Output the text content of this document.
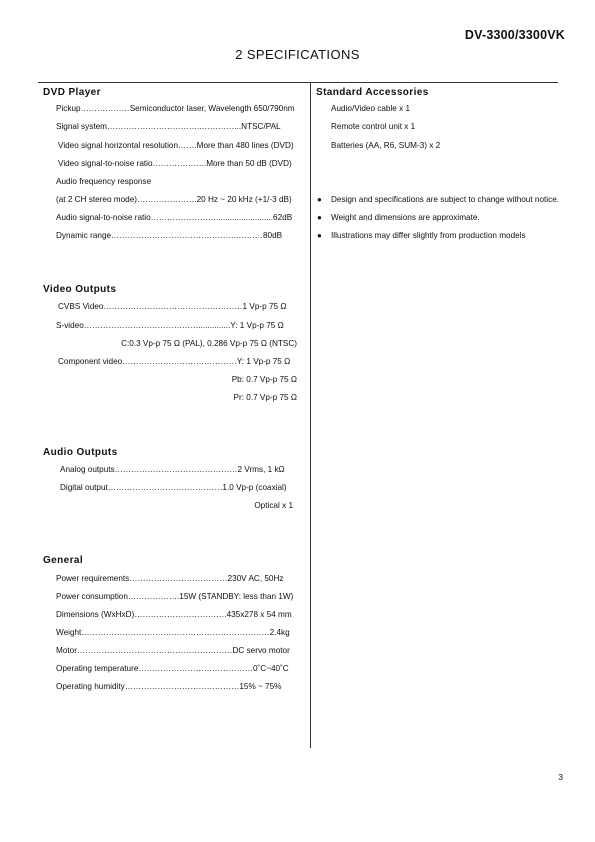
DV-3300/3300VK
2 SPECIFICATIONS
DVD Player
Pickup………………Semiconductor laser, Wavelength 650/790nm
Signal system……………………………..…………...NTSC/PAL
Video signal horizontal resolution…….More than 480 lines (DVD)
Video signal-to-noise ratio………………..More than 50 dB (DVD)
Audio frequency response
(at 2 CH stereo mode)………………….20 Hz ~ 20 kHz (+1/-3 dB)
Audio signal-to-noise ratio…………………….........................62dB
Dynamic range………………………………………..………80dB
Video Outputs
CVBS Video……………………………………………1 Vp-p 75 Ω
S-video……………………………………..............Y: 1 Vp-p 75 Ω
C:0.3 Vp-p 75 Ω (PAL), 0.286 Vp-p 75 Ω (NTSC)
Component video……………………………………Y: 1 Vp-p 75 Ω
Pb: 0.7 Vp-p 75 Ω
Pr: 0.7 Vp-p 75 Ω
Audio Outputs
Analog outputs………………………………………2 Vrms, 1 kΩ
Digital output……………………………………1.0 Vp-p (coaxial)
Optical x 1
General
Power requirements………………………………230V AC, 50Hz
Power consumption……………….15W (STANDBY: less than 1W)
Dimensions (WxHxD)…………………………….435x278 x 54 mm
Weight……………………………………………………………2.4kg
Motor…………………………………………………DC servo motor
Operating temperature……………………………………0˚C~40˚C
Operating humidity……………………………………15% ~ 75%
Standard Accessories
Audio/Video cable x 1
Remote control unit x 1
Batteries (AA, R6, SUM-3) x 2
● Design and specifications are subject to change without notice.
● Weight and dimensions are approximate.
● Illustrations may differ slightly from production models
3
